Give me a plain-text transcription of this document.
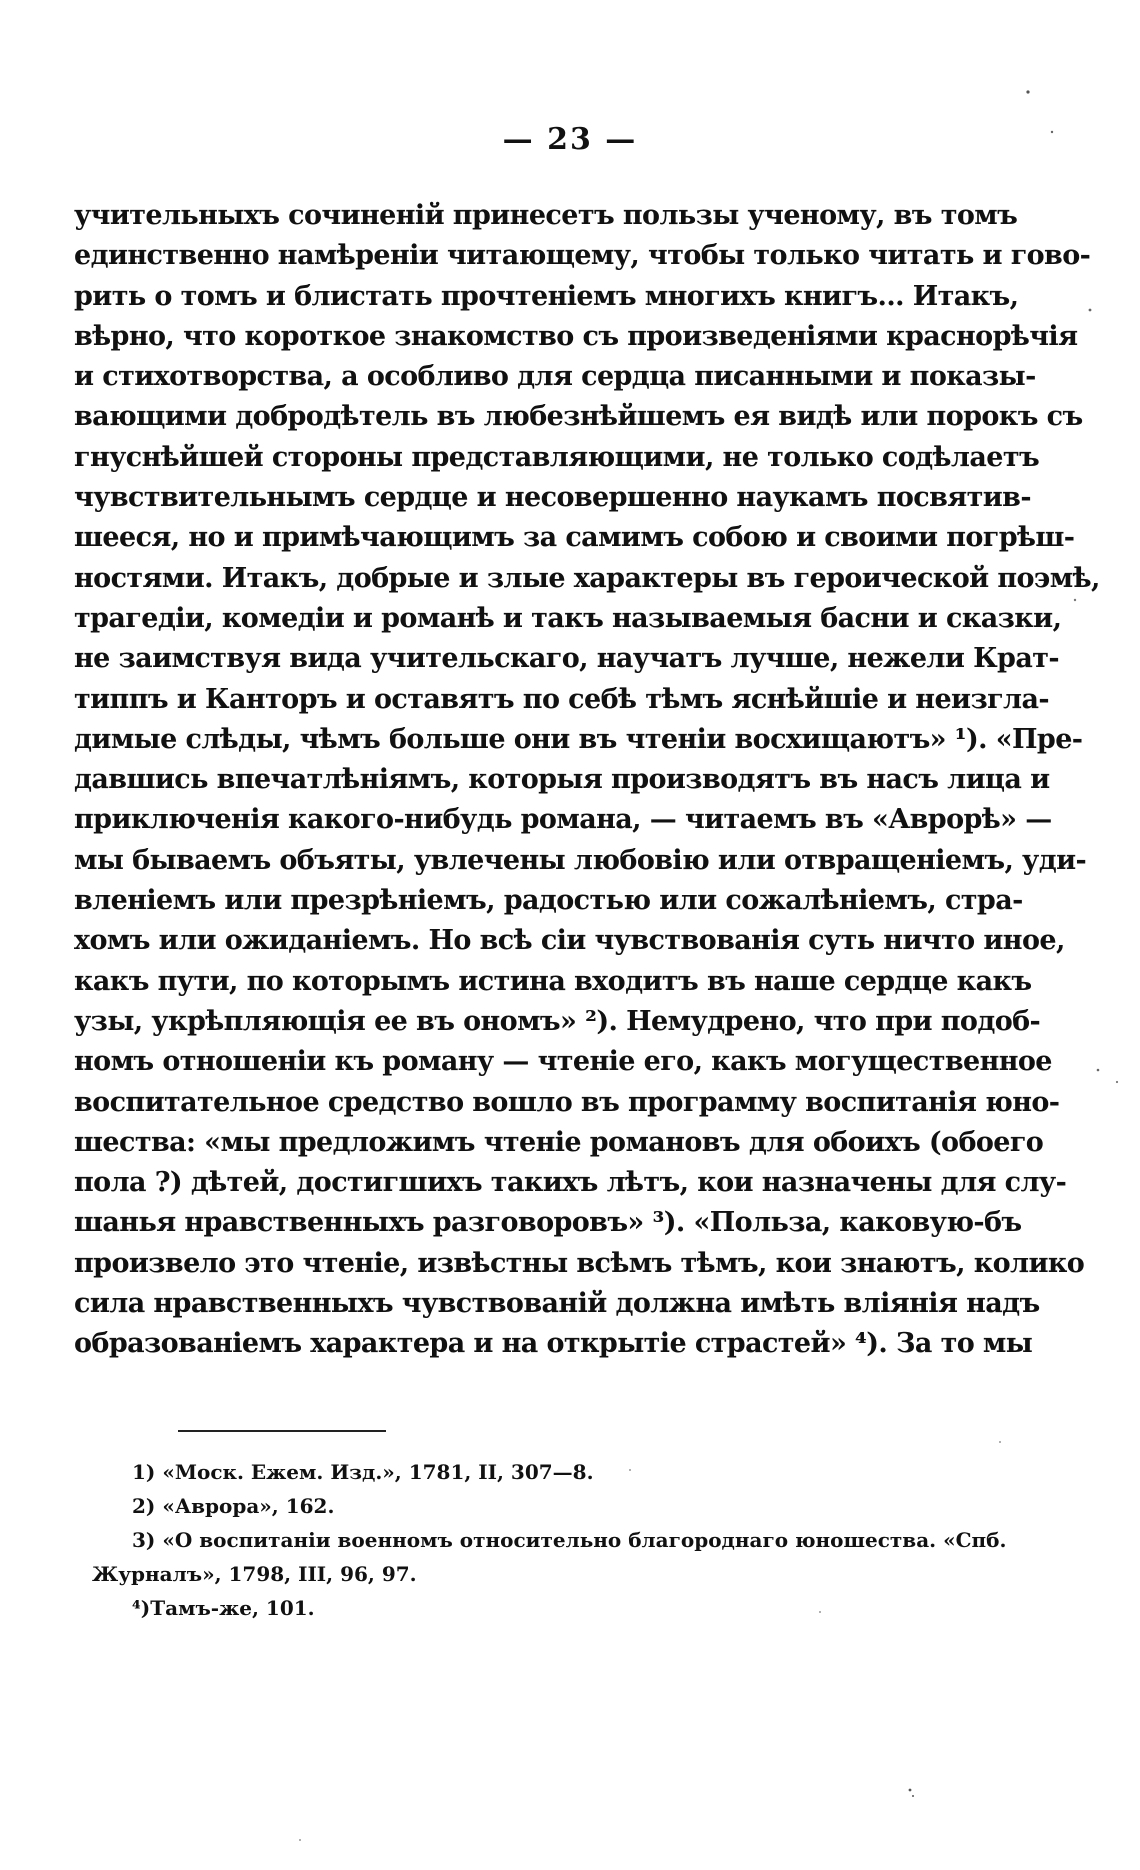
— 23 —
учительныхъ сочиненій принесетъ пользы ученому, въ томъ
единственно намѣреніи читающему, чтобы только читать и гово-
рить о томъ и блистать прочтеніемъ многихъ книгъ... Итакъ,
вѣрно, что короткое знакомство съ произведеніями краснорѣчія
и стихотворства, а особливо для сердца писанными и показы-
вающими добродѣтель въ любезнѣйшемъ ея видѣ или порокъ съ
гнуснѣйшей стороны представляющими, не только содѣлаетъ
чувствительнымъ сердце и несовершенно наукамъ посвятив-
шееся, но и примѣчающимъ за самимъ собою и своими погрѣш-
ностями. Итакъ, добрые и злые характеры въ героической поэмѣ,
трагедіи, комедіи и романѣ и такъ называемыя басни и сказки,
не заимствуя вида учительскаго, научатъ лучше, нежели Крат-
типпъ и Канторъ и оставятъ по себѣ тѣмъ яснѣйшіе и неизгла-
димые слѣды, чѣмъ больше они въ чтеніи восхищаютъ» ¹). «Пре-
давшись впечатлѣніямъ, которыя производятъ въ насъ лица и
приключенія какого-нибудь романа, — читаемъ въ «Аврорѣ» —
мы бываемъ объяты, увлечены любовію или отвращеніемъ, уди-
вленіемъ или презрѣніемъ, радостью или сожалѣніемъ, стра-
хомъ или ожиданіемъ. Но всѣ сіи чувствованія суть ничто иное,
какъ пути, по которымъ истина входитъ въ наше сердце какъ
узы, укрѣпляющія ее въ ономъ» ²). Немудрено, что при подоб-
номъ отношеніи къ роману — чтеніе его, какъ могущественное
воспитательное средство вошло въ программу воспитанія юно-
шества: «мы предложимъ чтеніе романовъ для обоихъ (обоего
пола ?) дѣтей, достигшихъ такихъ лѣтъ, кои назначены для слу-
шанья нравственныхъ разговоровъ» ³). «Польза, каковую-бъ
произвело это чтеніе, извѣстны всѣмъ тѣмъ, кои знаютъ, колико
сила нравственныхъ чувствованій должна имѣть вліянія надъ
образованіемъ характера и на открытіе страстей» ⁴). За то мы
1) «Моск. Ежем. Изд.», 1781, II, 307—8.
2) «Аврора», 162.
3) «О воспитаніи военномъ относительно благороднаго юношества. «Спб.
Журналъ», 1798, III, 96, 97.
⁴)Тамъ-же, 101.
